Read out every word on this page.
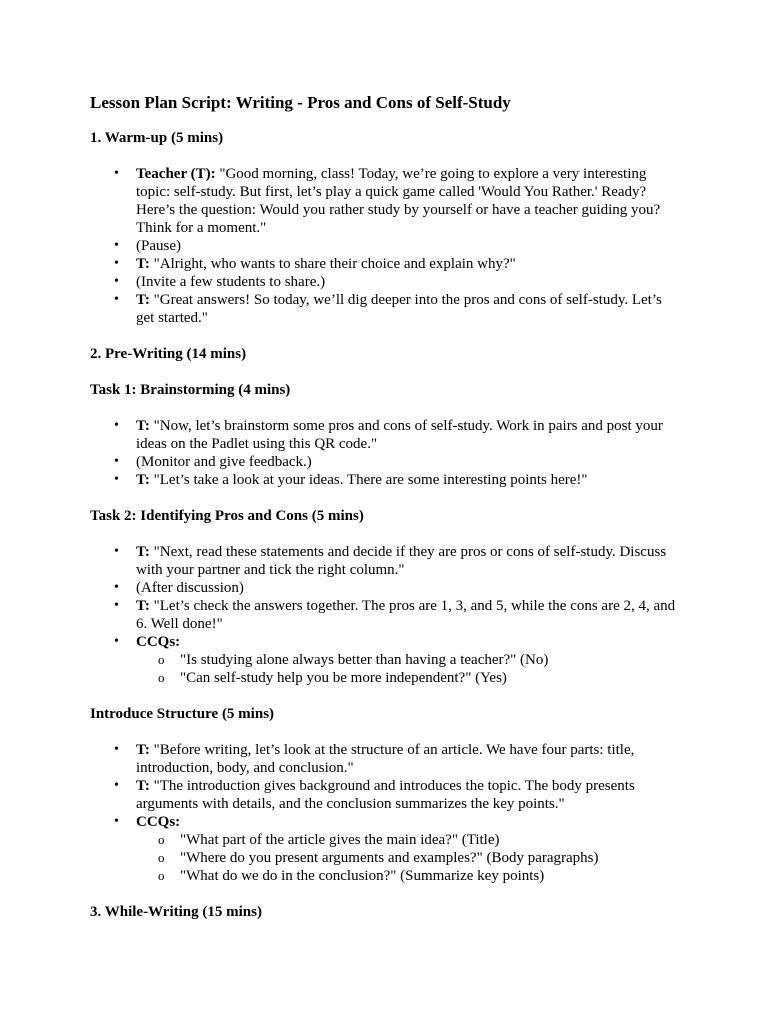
Lesson Plan Script: Writing - Pros and Cons of Self-Study
1. Warm-up (5 mins)
• Teacher (T): "Good morning, class! Today, we’re going to explore a very interesting topic: self-study. But first, let’s play a quick game called 'Would You Rather.' Ready? Here’s the question: Would you rather study by yourself or have a teacher guiding you? Think for a moment."
• (Pause)
• T: "Alright, who wants to share their choice and explain why?"
• (Invite a few students to share.)
• T: "Great answers! So today, we’ll dig deeper into the pros and cons of self-study. Let’s get started."
2. Pre-Writing (14 mins)
Task 1: Brainstorming (4 mins)
• T: "Now, let’s brainstorm some pros and cons of self-study. Work in pairs and post your ideas on the Padlet using this QR code."
• (Monitor and give feedback.)
• T: "Let’s take a look at your ideas. There are some interesting points here!"
Task 2: Identifying Pros and Cons (5 mins)
• T: "Next, read these statements and decide if they are pros or cons of self-study. Discuss with your partner and tick the right column."
• (After discussion)
• T: "Let’s check the answers together. The pros are 1, 3, and 5, while the cons are 2, 4, and 6. Well done!"
• CCQs:
o "Is studying alone always better than having a teacher?" (No)
o "Can self-study help you be more independent?" (Yes)
Introduce Structure (5 mins)
• T: "Before writing, let’s look at the structure of an article. We have four parts: title, introduction, body, and conclusion."
• T: "The introduction gives background and introduces the topic. The body presents arguments with details, and the conclusion summarizes the key points."
• CCQs:
o "What part of the article gives the main idea?" (Title)
o "Where do you present arguments and examples?" (Body paragraphs)
o "What do we do in the conclusion?" (Summarize key points)
3. While-Writing (15 mins)
